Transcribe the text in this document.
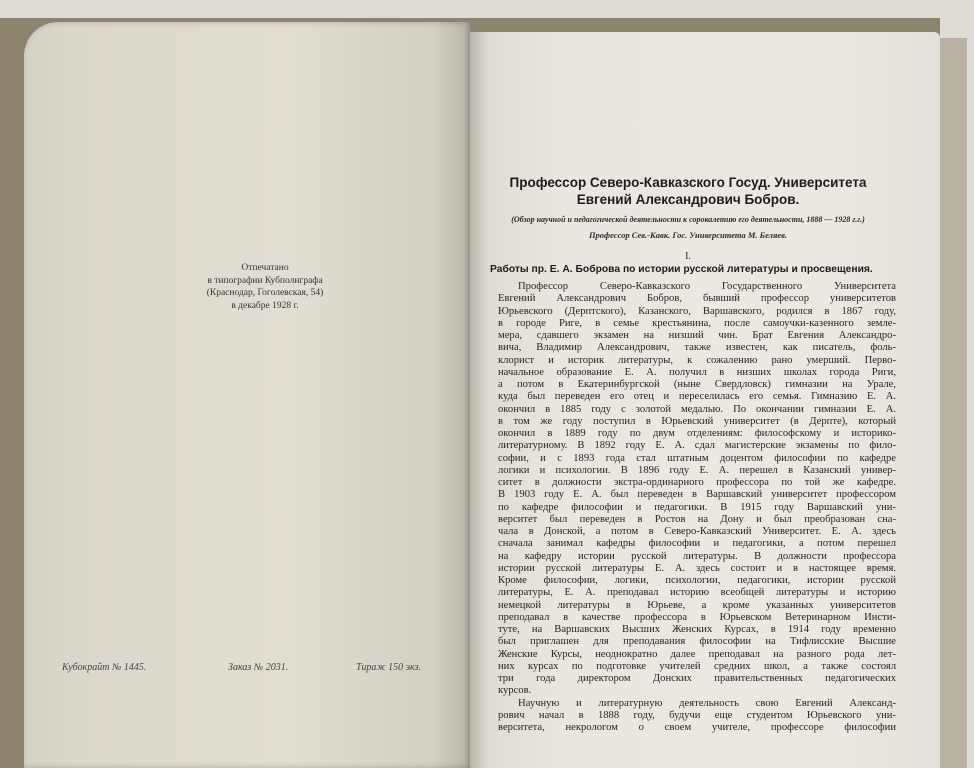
Отпечатано
в типографии Кубполиграфа
(Краснодар, Гоголевская, 54)
в декабре 1928 г.
Кубокрайт № 1445.	Заказ № 2031.	Тираж 150 экз.
Профессор Северо-Кавказского Госуд. Университета
Евгений Александрович Бобров.
(Обзор научной и педагогической деятельности к сорокалетию его деятельности, 1888 — 1928 г.г.)
Профессор Сев.-Кавк. Гос. Университета М. Беляев.
I.
Работы пр. Е. А. Боброва по истории русской литературы и просвещения.
Профессор Северо-Кавказского Государственного Университета
Евгений Александрович Бобров, бывший профессор университетов
Юрьевского (Дерптского), Казанского, Варшавского, родился в 1867 году,
в городе Риге, в семье крестьянина, после самоучки-казенного земле-
мера, сдавшего экзамен на низший чин. Брат Евгения Александро-
вича, Владимир Александрович, также известен, как писатель, фоль-
клорист и историк литературы, к сожалению рано умерший. Перво-
начальное образование Е. А. получил в низших школах города Риги,
а потом в Екатеринбургской (ныне Свердловск) гимназии на Урале,
куда был переведен его отец и переселилась его семья. Гимназию Е. А.
окончил в 1885 году с золотой медалью. По окончании гимназии Е. А.
в том же году поступил в Юрьевский университет (в Дерпте), который
окончил в 1889 году по двум отделениям: философскому и историко-
литературному. В 1892 году Е. А. сдал магистерские экзамены по фило-
софии, и с 1893 года стал штатным доцентом философии по кафедре
логики и психологии. В 1896 году Е. А. перешел в Казанский универ-
ситет в должности экстра-ординарного профессора по той же кафедре.
В 1903 году Е. А. был переведен в Варшавский университет профессором
по кафедре философии и педагогики. В 1915 году Варшавский уни-
верситет был переведен в Ростов на Дону и был преобразован сна-
чала в Донской, а потом в Северо-Кавказский Университет. Е. А. здесь
сначала занимал кафедры философии и педагогики, а потом перешел
на кафедру истории русской литературы. В должности профессора
истории русской литературы Е. А. здесь состоит и в настоящее время.
Кроме философии, логики, психологии, педагогики, истории русской
литературы, Е. А. преподавал историю всеобщей литературы и историю
немецкой литературы в Юрьеве, а кроме указанных университетов
преподавал в качестве профессора в Юрьевском Ветеринарном Инсти-
туте, на Варшавских Высших Женских Курсах, в 1914 году временно
был приглашен для преподавания философии на Тифлисские Высшие
Женские Курсы, неоднократно далее преподавал на разного рода лет-
них курсах по подготовке учителей средних школ, а также состоял
три года директором Донских правительственных педагогических
курсов.
Научную и литературную деятельность свою Евгений Александ-
рович начал в 1888 году, будучи еще студентом Юрьевского уни-
верситета, некрологом о своем учителе, профессоре философии
